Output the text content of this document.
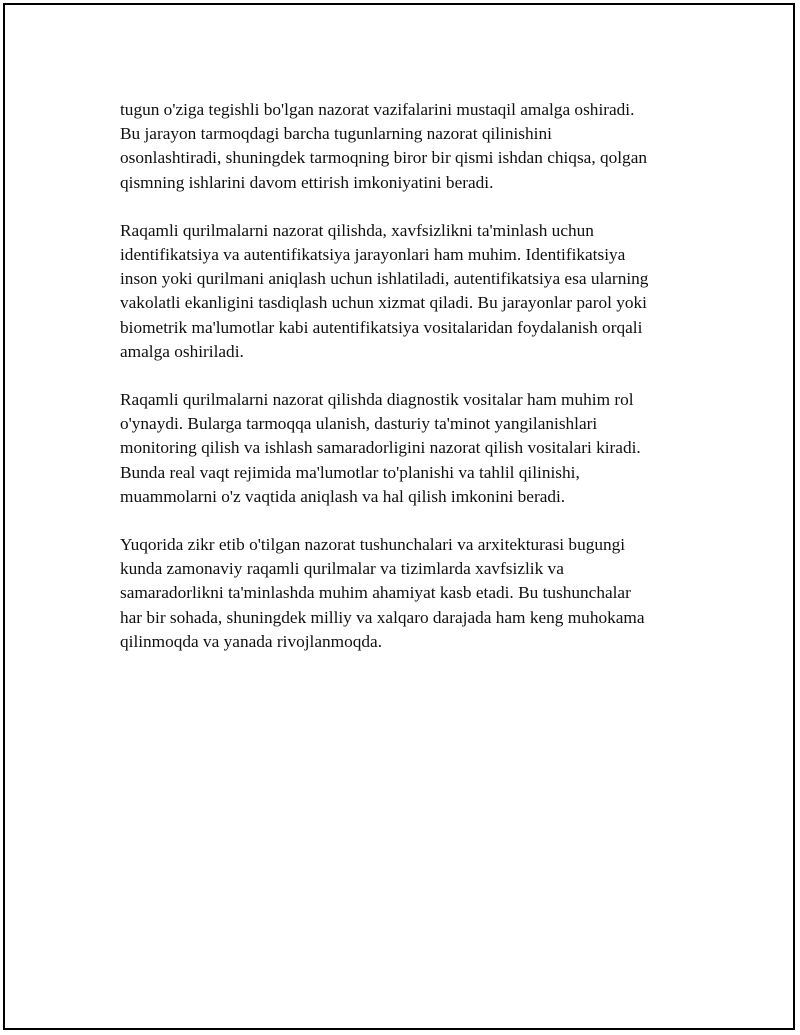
tugun o'ziga tegishli bo'lgan nazorat vazifalarini mustaqil amalga oshiradi.
Bu jarayon tarmoqdagi barcha tugunlarning nazorat qilinishini
osonlashtiradi, shuningdek tarmoqning biror bir qismi ishdan chiqsa, qolgan
qismning ishlarini davom ettirish imkoniyatini beradi.

Raqamli qurilmalarni nazorat qilishda, xavfsizlikni ta'minlash uchun
identifikatsiya va autentifikatsiya jarayonlari ham muhim. Identifikatsiya
inson yoki qurilmani aniqlash uchun ishlatiladi, autentifikatsiya esa ularning
vakolatli ekanligini tasdiqlash uchun xizmat qiladi. Bu jarayonlar parol yoki
biometrik ma'lumotlar kabi autentifikatsiya vositalaridan foydalanish orqali
amalga oshiriladi.

Raqamli qurilmalarni nazorat qilishda diagnostik vositalar ham muhim rol
o'ynaydi. Bularga tarmoqqa ulanish, dasturiy ta'minot yangilanishlari
monitoring qilish va ishlash samaradorligini nazorat qilish vositalari kiradi.
Bunda real vaqt rejimida ma'lumotlar to'planishi va tahlil qilinishi,
muammolarni o'z vaqtida aniqlash va hal qilish imkonini beradi.

Yuqorida zikr etib o'tilgan nazorat tushunchalari va arxitekturasi bugungi
kunda zamonaviy raqamli qurilmalar va tizimlarda xavfsizlik va
samaradorlikni ta'minlashda muhim ahamiyat kasb etadi. Bu tushunchalar
har bir sohada, shuningdek milliy va xalqaro darajada ham keng muhokama
qilinmoqda va yanada rivojlanmoqda.
